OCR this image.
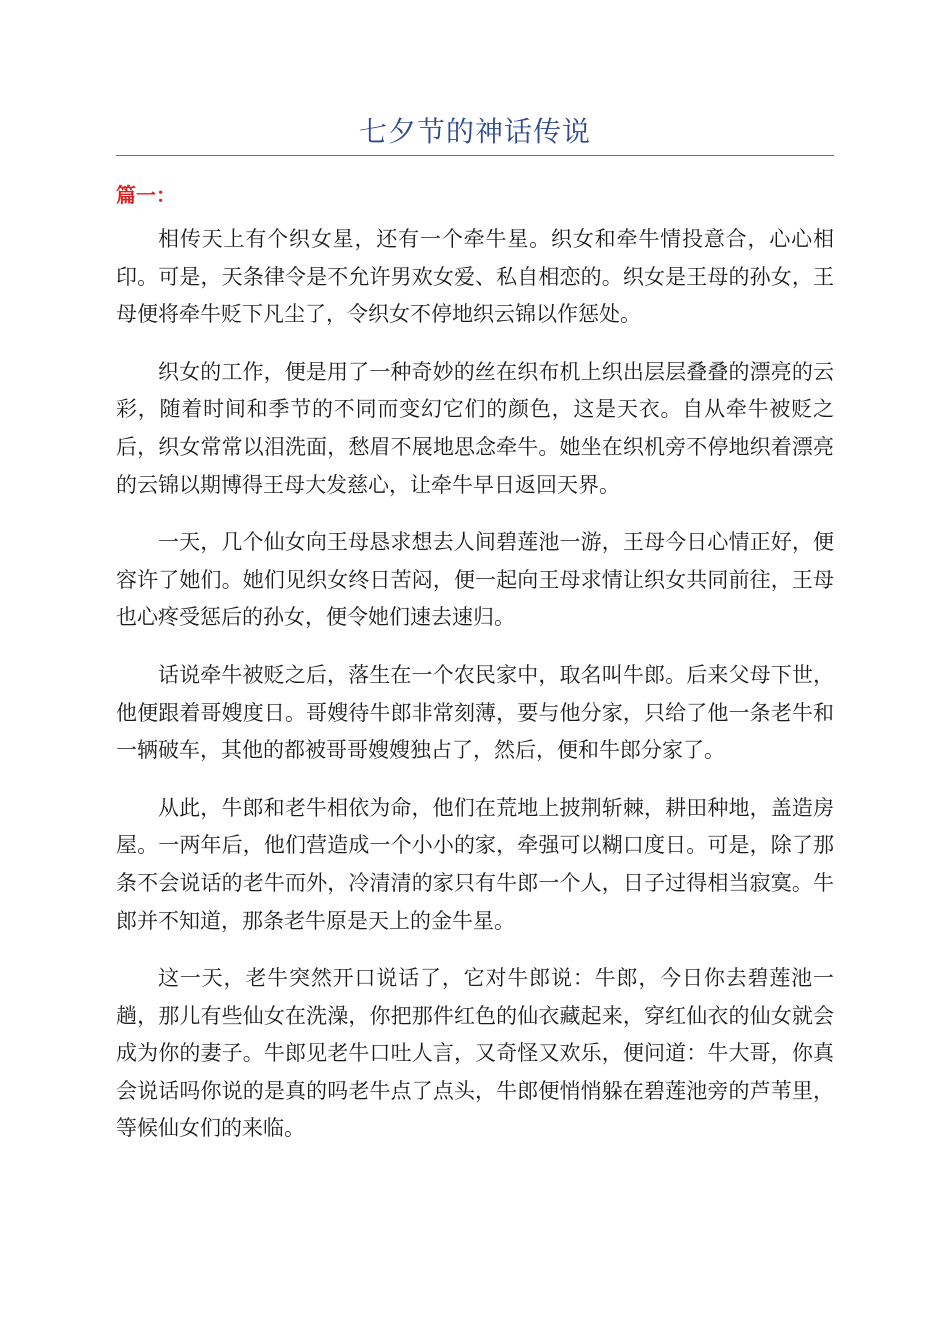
七夕节的神话传说
篇一：

相传天上有个织女星，还有一个牵牛星。织女和牵牛情投意合，心心相印。可是，天条律令是不允许男欢女爱、私自相恋的。织女是王母的孙女，王母便将牵牛贬下凡尘了，令织女不停地织云锦以作惩处。

织女的工作，便是用了一种奇妙的丝在织布机上织出层层叠叠的漂亮的云彩，随着时间和季节的不同而变幻它们的颜色，这是天衣。自从牵牛被贬之后，织女常常以泪洗面，愁眉不展地思念牵牛。她坐在织机旁不停地织着漂亮的云锦以期博得王母大发慈心，让牵牛早日返回天界。

一天，几个仙女向王母恳求想去人间碧莲池一游，王母今日心情正好，便容许了她们。她们见织女终日苦闷，便一起向王母求情让织女共同前往，王母也心疼受惩后的孙女，便令她们速去速归。

话说牵牛被贬之后，落生在一个农民家中，取名叫牛郎。后来父母下世，他便跟着哥嫂度日。哥嫂待牛郎非常刻薄，要与他分家，只给了他一条老牛和一辆破车，其他的都被哥哥嫂嫂独占了，然后，便和牛郎分家了。

从此，牛郎和老牛相依为命，他们在荒地上披荆斩棘，耕田种地，盖造房屋。一两年后，他们营造成一个小小的家，牵强可以糊口度日。可是，除了那条不会说话的老牛而外，冷清清的家只有牛郎一个人，日子过得相当寂寞。牛郎并不知道，那条老牛原是天上的金牛星。

这一天，老牛突然开口说话了，它对牛郎说：牛郎，今日你去碧莲池一趟，那儿有些仙女在洗澡，你把那件红色的仙衣藏起来，穿红仙衣的仙女就会成为你的妻子。牛郎见老牛口吐人言，又奇怪又欢乐，便问道：牛大哥，你真会说话吗你说的是真的吗老牛点了点头，牛郎便悄悄躲在碧莲池旁的芦苇里，等候仙女们的来临。
